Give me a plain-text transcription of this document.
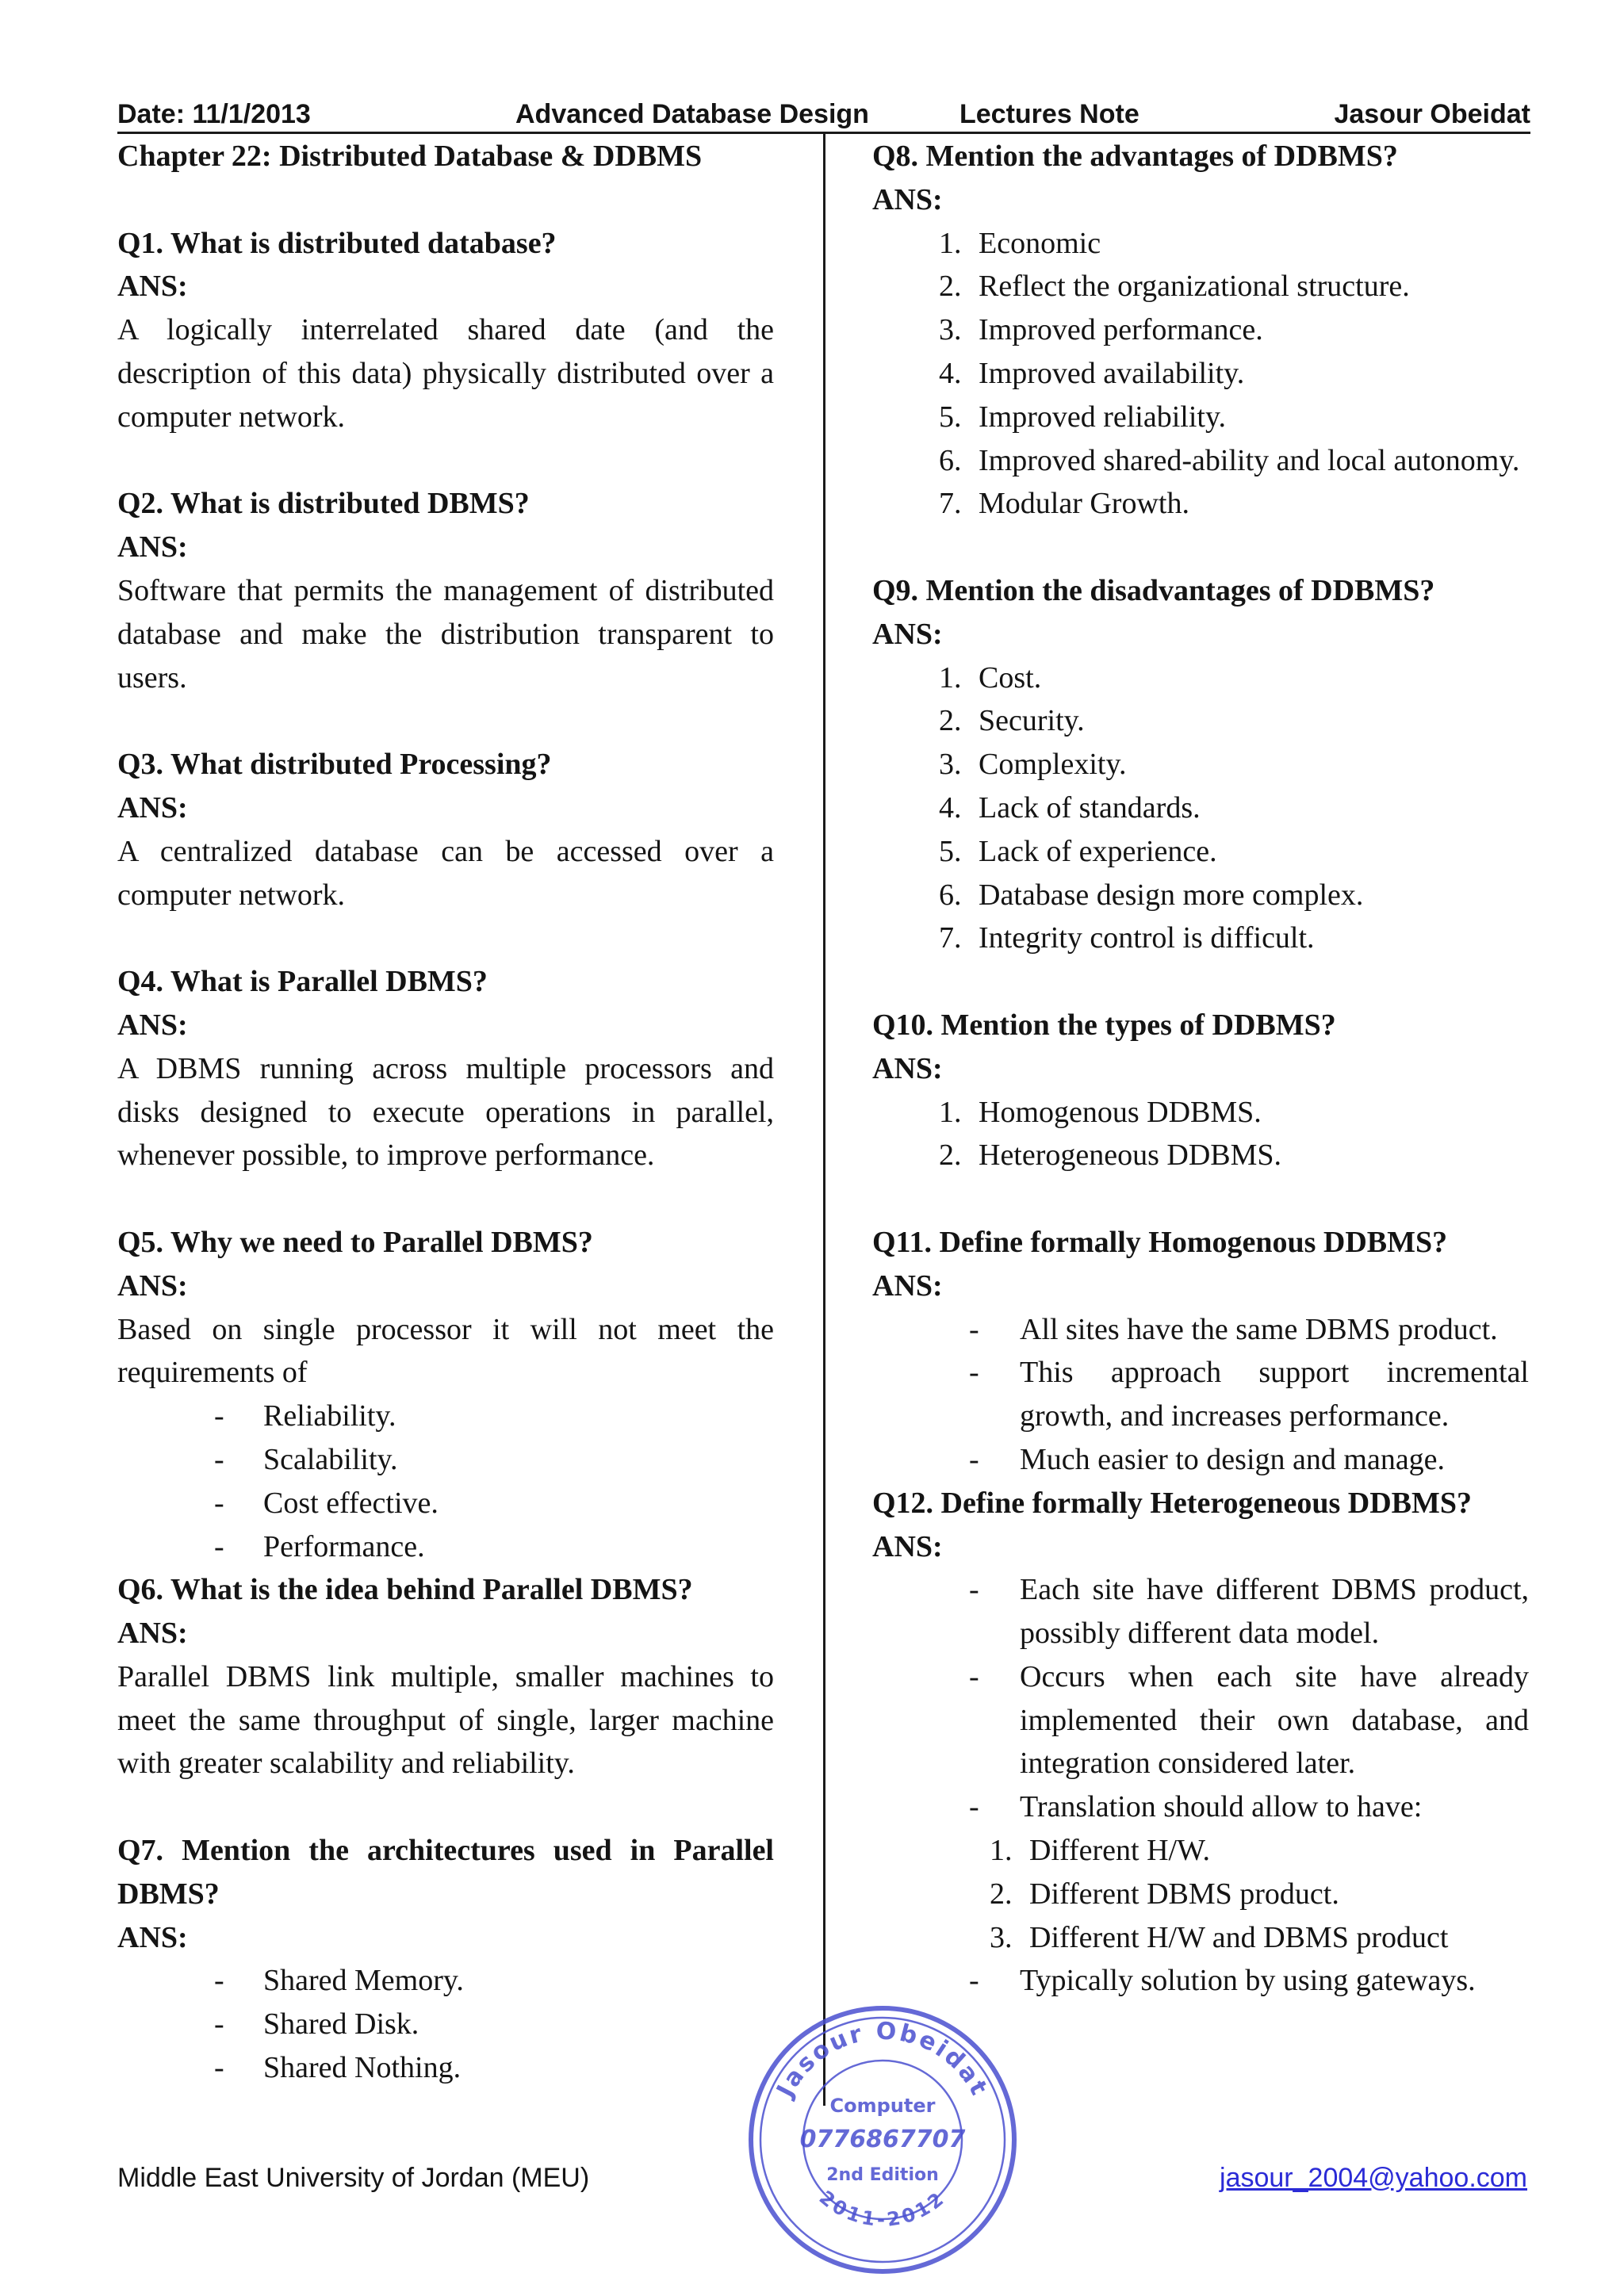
Date: 11/1/2013	Advanced Database Design	Lectures Note	Jasour Obeidat
Chapter 22: Distributed Database & DDBMS
Q1. What is distributed database?
ANS:
A logically interrelated shared date (and the description of this data) physically distributed over a computer network.
Q2. What is distributed DBMS?
ANS:
Software that permits the management of distributed database and make the distribution transparent to users.
Q3. What distributed Processing?
ANS:
A centralized database can be accessed over a computer network.
Q4. What is Parallel DBMS?
ANS:
A DBMS running across multiple processors and disks designed to execute operations in parallel, whenever possible, to improve performance.
Q5. Why we need to Parallel DBMS?
ANS:
Based on single processor it will not meet the requirements of
- Reliability.
- Scalability.
- Cost effective.
- Performance.
Q6. What is the idea behind Parallel DBMS?
ANS:
Parallel DBMS link multiple, smaller machines to meet the same throughput of single, larger machine with greater scalability and reliability.
Q7. Mention the architectures used in Parallel DBMS?
ANS:
- Shared Memory.
- Shared Disk.
- Shared Nothing.
Q8. Mention the advantages of DDBMS?
ANS:
1. Economic
2. Reflect the organizational structure.
3. Improved performance.
4. Improved availability.
5. Improved reliability.
6. Improved shared-ability and local autonomy.
7. Modular Growth.
Q9. Mention the disadvantages of DDBMS?
ANS:
1. Cost.
2. Security.
3. Complexity.
4. Lack of standards.
5. Lack of experience.
6. Database design more complex.
7. Integrity control is difficult.
Q10. Mention the types of DDBMS?
ANS:
1. Homogenous DDBMS.
2. Heterogeneous DDBMS.
Q11. Define formally Homogenous DDBMS?
ANS:
- All sites have the same DBMS product.
- This approach support incremental growth, and increases performance.
- Much easier to design and manage.
Q12. Define formally Heterogeneous DDBMS?
ANS:
- Each site have different DBMS product, possibly different data model.
- Occurs when each site have already implemented their own database, and integration considered later.
- Translation should allow to have:
1. Different H/W.
2. Different DBMS product.
3. Different H/W and DBMS product
- Typically solution by using gateways.
Middle East University of Jordan (MEU)	jasour_2004@yahoo.com
Jasour Obeidat
2011-2012
Computer
0776867707
2nd Edition
